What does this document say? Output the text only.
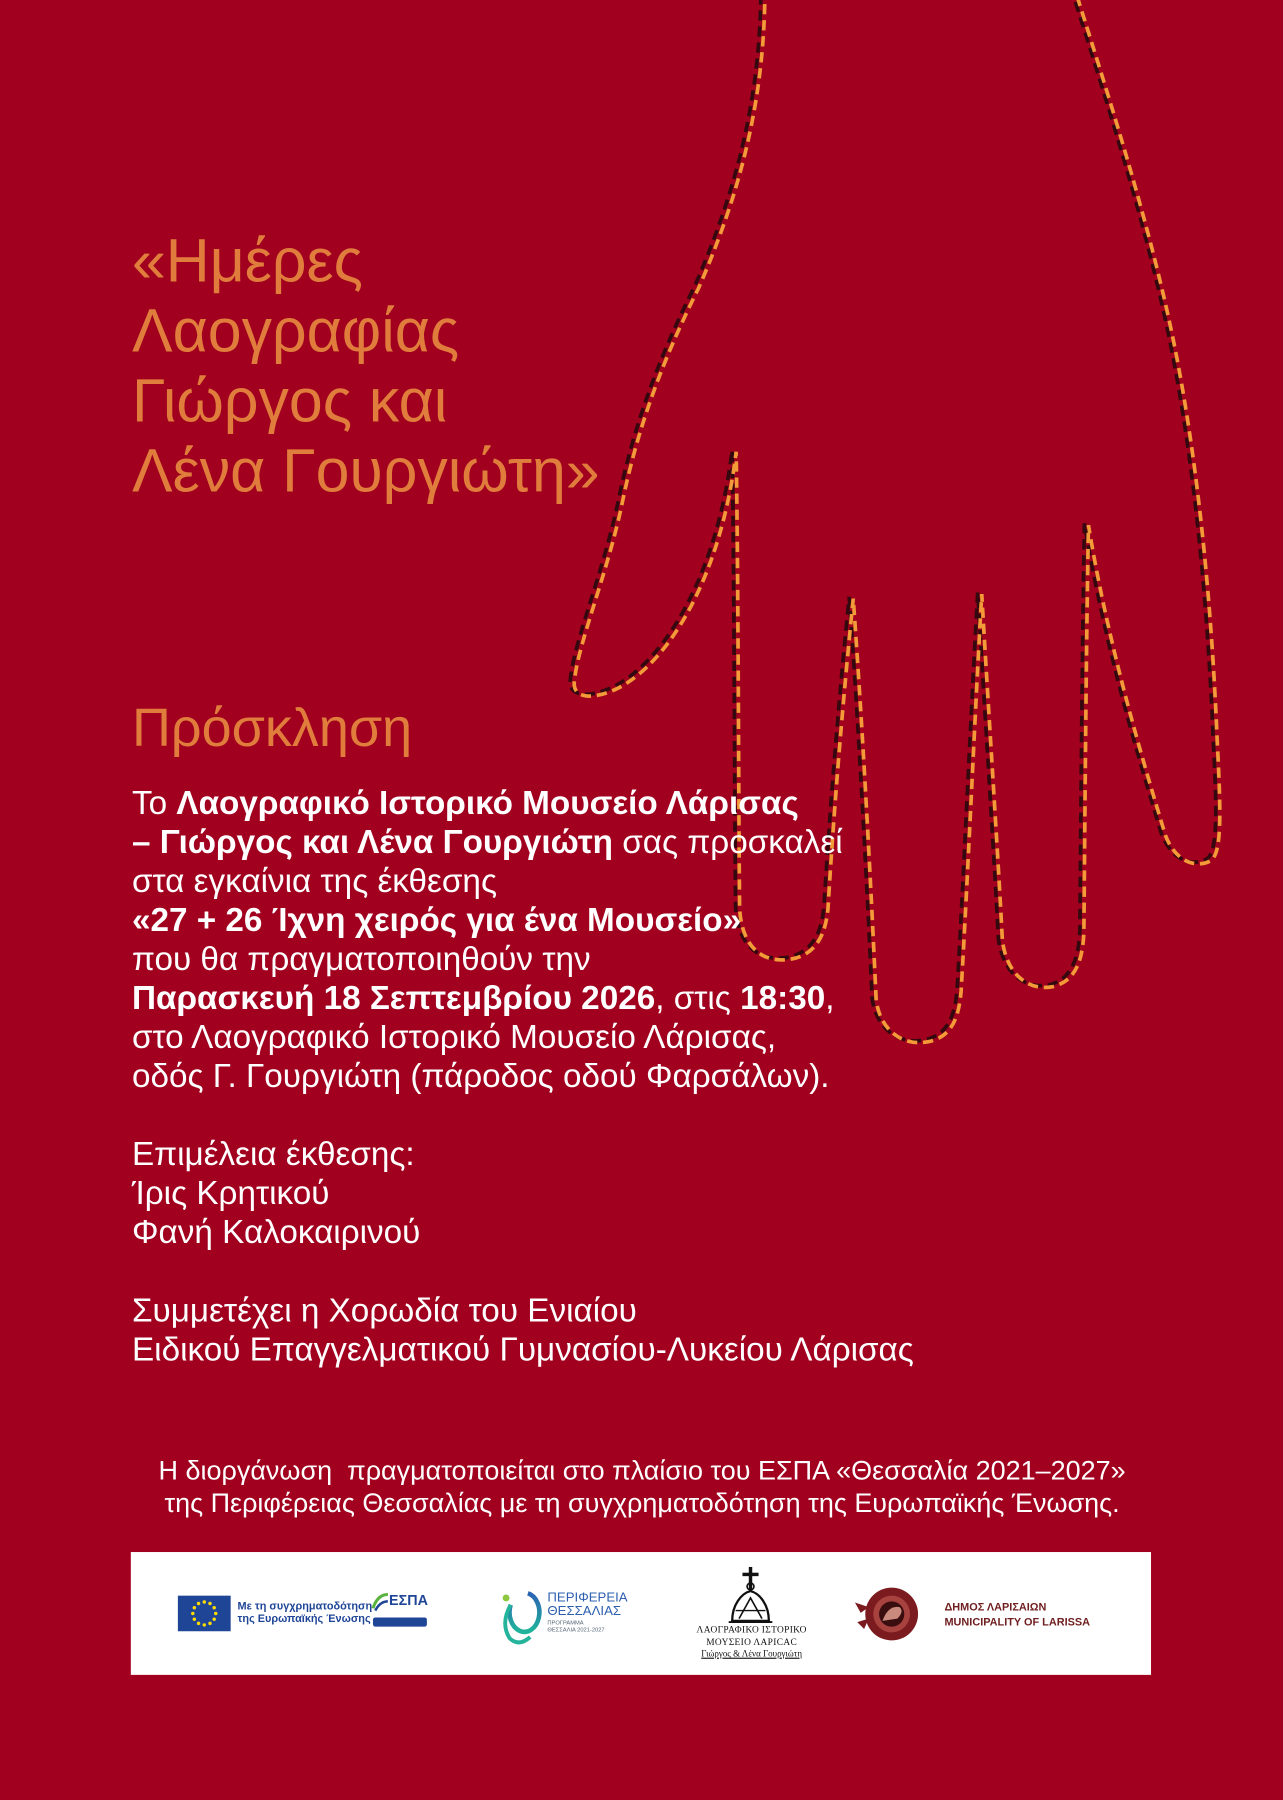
«Ημέρες
Λαογραφίας
Γιώργος και
Λένα Γουργιώτη»
Πρόσκληση
Το Λαογραφικό Ιστορικό Μουσείο Λάρισας
– Γιώργος και Λένα Γουργιώτη σας προσκαλεί
στα εγκαίνια της έκθεσης
«27 + 26 Ίχνη χειρός για ένα Μουσείο»
που θα πραγματοποιηθούν την
Παρασκευή 18 Σεπτεμβρίου 2026, στις 18:30,
στο Λαογραφικό Ιστορικό Μουσείο Λάρισας,
οδός Γ. Γουργιώτη (πάροδος οδού Φαρσάλων).
Επιμέλεια έκθεσης:
Ίρις Κρητικού
Φανή Καλοκαιρινού
Συμμετέχει η Χορωδία του Ενιαίου
Ειδικού Επαγγελματικού Γυμνασίου-Λυκείου Λάρισας
Η διοργάνωση  πραγματοποιείται στο πλαίσιο του ΕΣΠΑ «Θεσσαλία 2021–2027»
της Περιφέρειας Θεσσαλίας με τη συγχρηματοδότηση της Ευρωπαϊκής Ένωσης.
Με τη συγχρηματοδότηση
της Ευρωπαϊκής Ένωσης
ΕΣΠΑ	ΠΕΡΙΦΕΡΕΙΑ
ΘΕΣΣΑΛΙΑΣ
ΠΡΟΓΡΑΜΜΑ
ΘΕΣΣΑΛΙΑ 2021-2027	ΛΑΟΓΡΑΦΙΚΟ ΙΣΤΟΡΙΚΟ
ΜΟΥΣΕΙΟ ΛΑΡΙCΑC
Γιώργος & Λένα Γουργιώτη
ΔΗΜΟΣ ΛΑΡΙΣΑΙΩΝ
MUNICIPALITY OF LARISSA
